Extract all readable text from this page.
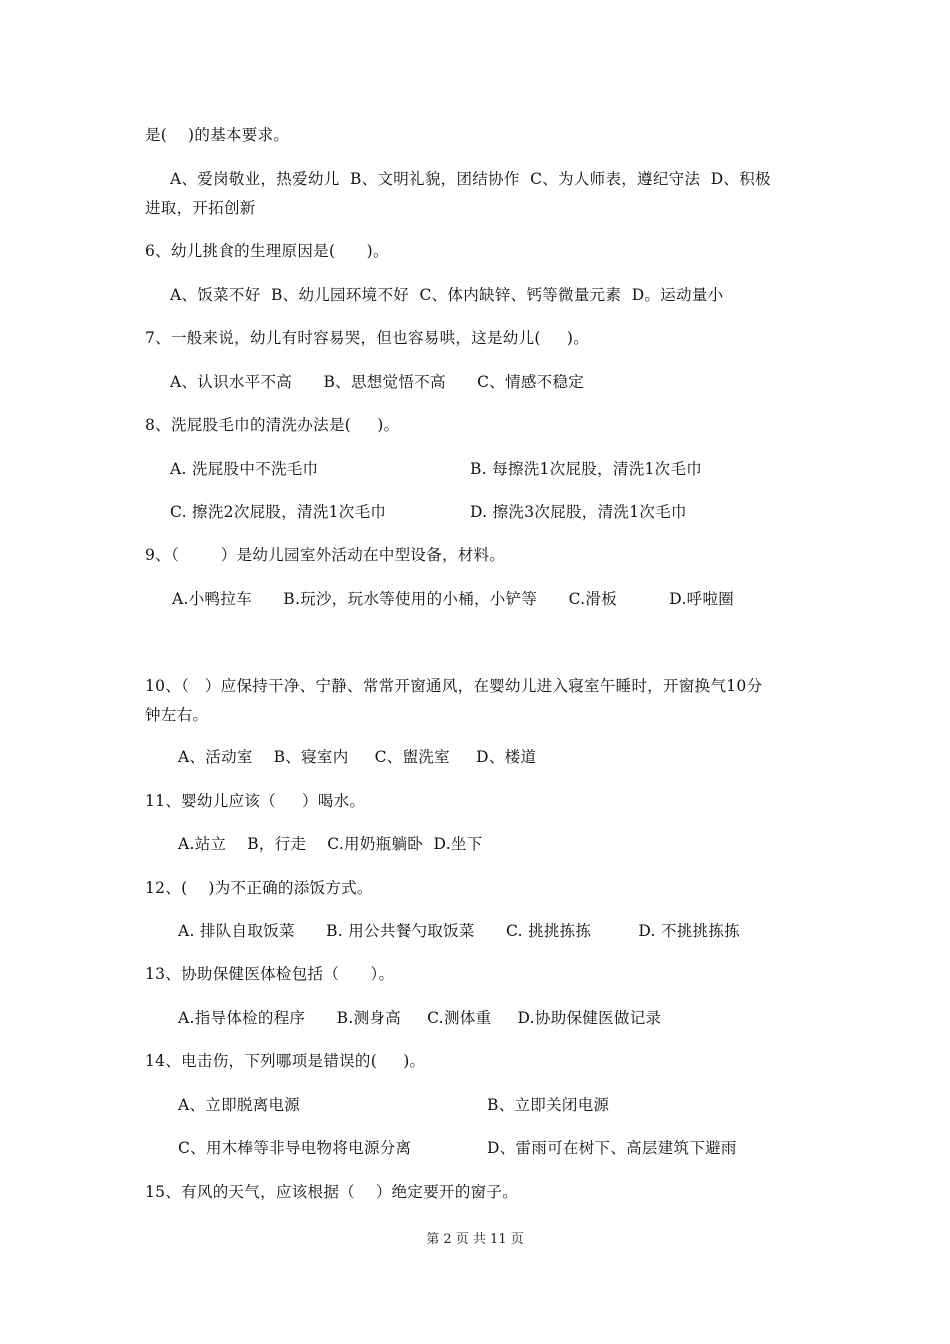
是(    )的基本要求。
A、爱岗敬业，热爱幼儿  B、文明礼貌，团结协作  C、为人师表，遵纪守法  D、积极
进取，开拓创新
6、幼儿挑食的生理原因是(      )。
A、饭菜不好  B、幼儿园环境不好  C、体内缺锌、钙等微量元素  D。运动量小
7、一般来说，幼儿有时容易哭，但也容易哄，这是幼儿(     )。
A、认识水平不高      B、思想觉悟不高      C、情感不稳定
8、洗屁股毛巾的清洗办法是(     )。
A. 洗屁股中不洗毛巾	B. 每擦洗1次屁股，清洗1次毛巾
C. 擦洗2次屁股，清洗1次毛巾	D. 擦洗3次屁股，清洗1次毛巾
9、（        ）是幼儿园室外活动在中型设备，材料。
A.小鸭拉车      B.玩沙，玩水等使用的小桶，小铲等      C.滑板          D.呼啦圈
10、（   ）应保持干净、宁静、常常开窗通风，在婴幼儿进入寝室午睡时，开窗换气10分
钟左右。
A、活动室    B、寝室内     C、盥洗室     D、楼道
11、婴幼儿应该（     ）喝水。
A.站立    B，行走    C.用奶瓶躺卧  D.坐下
12、(    )为不正确的添饭方式。
A. 排队自取饭菜      B. 用公共餐勺取饭菜      C. 挑挑拣拣         D. 不挑挑拣拣
13、协助保健医体检包括（      ）。
A.指导体检的程序      B.测身高     C.测体重     D.协助保健医做记录
14、电击伤，下列哪项是错误的(     )。
A、立即脱离电源	B、立即关闭电源
C、用木棒等非导电物将电源分离	D、雷雨可在树下、高层建筑下避雨
15、有风的天气，应该根据（    ）绝定要开的窗子。
第 2 页 共 11 页
